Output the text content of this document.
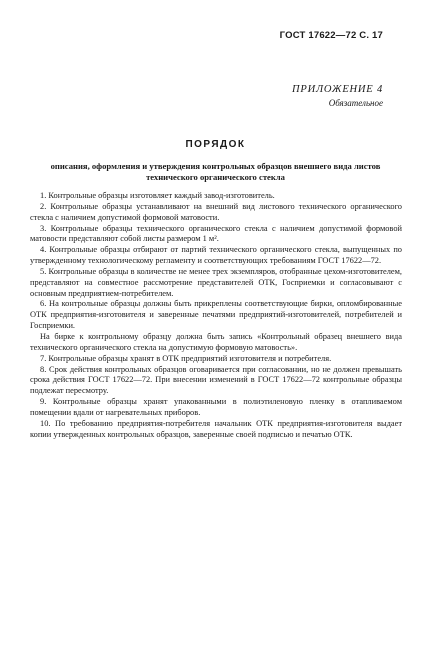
ГОСТ 17622—72 С. 17
ПРИЛОЖЕНИЕ 4
Обязательное
ПОРЯДОК
описания, оформления и утверждения контрольных образцов внешнего вида листов технического органического стекла

1. Контрольные образцы изготовляет каждый завод-изготовитель.

2. Контрольные образцы устанавливают на внешний вид листового технического органического стекла с наличием допустимой формовой матовости.

3. Контрольные образцы технического органического стекла с наличием допустимой формовой матовости представляют собой листы размером 1 м².

4. Контрольные образцы отбирают от партий технического органического стекла, выпущенных по утвержденному технологическому регламенту и соответствующих требованиям ГОСТ 17622—72.

5. Контрольные образцы в количестве не менее трех экземпляров, отобранные цехом-изготовителем, представляют на совместное рассмотрение представителей ОТК, Госприемки и согласовывают с основным предприятием-потребителем.

6. На контрольные образцы должны быть прикреплены соответствующие бирки, опломбированные ОТК предприятия-изготовителя и заверенные печатями предприятий-изготовителей, потребителей и Госприемки.

На бирке к контрольному образцу должна быть запись «Контрольный образец внешнего вида технического органического стекла на допустимую формовую матовость».

7. Контрольные образцы хранят в ОТК предприятий изготовителя и потребителя.

8. Срок действия контрольных образцов оговаривается при согласовании, но не должен превышать срока действия ГОСТ 17622—72. При внесении изменений в ГОСТ 17622—72 контрольные образцы подлежат пересмотру.

9. Контрольные образцы хранят упакованными в полиэтиленовую пленку в отапливаемом помещении вдали от нагревательных приборов.

10. По требованию предприятия-потребителя начальник ОТК предприятия-изготовителя выдает копии утвержденных контрольных образцов, заверенные своей подписью и печатью ОТК.
